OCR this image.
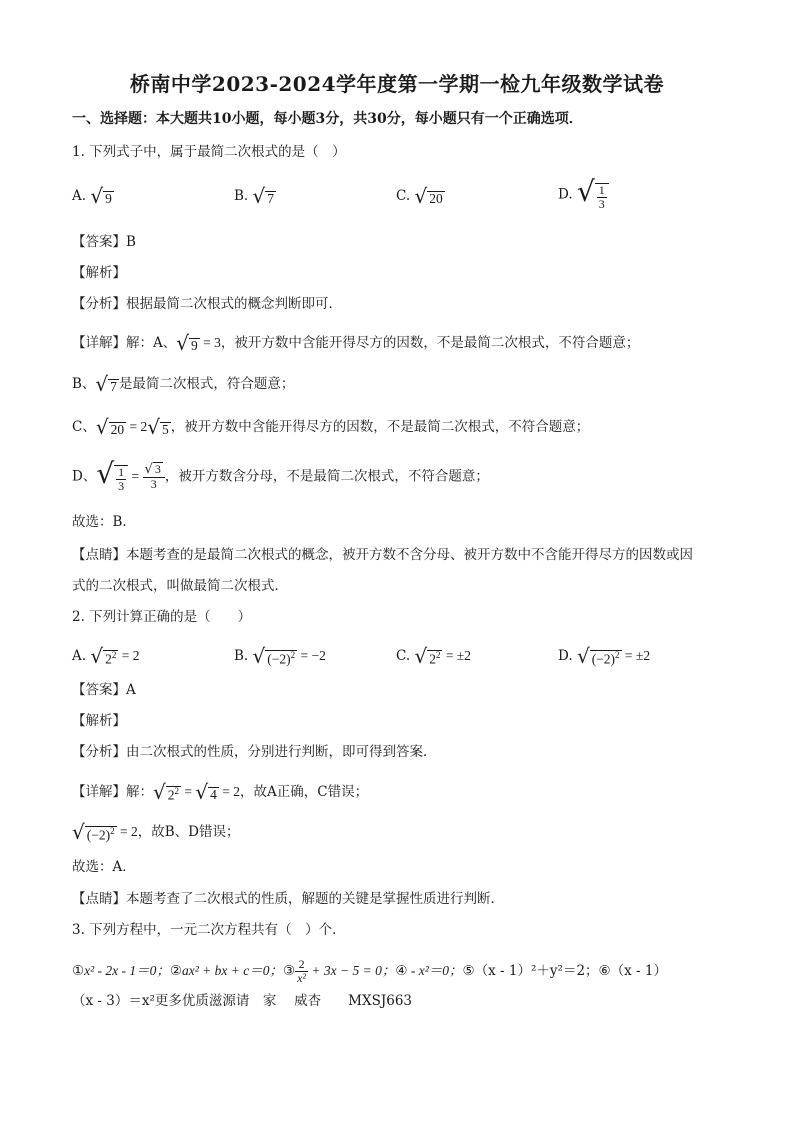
桥南中学2023-2024学年度第一学期一检九年级数学试卷
一、选择题：本大题共10小题，每小题3分，共30分，每小题只有一个正确选项．
1. 下列式子中，属于最简二次根式的是（　）
A. √ 9	B. √ 7	C. √ 20	D. √ $\frac{1}{3}$
【答案】B
【解析】
【分析】根据最简二次根式的概念判断即可．
【详解】解：A、√ 9 = 3，被开方数中含能开得尽方的因数，不是最简二次根式，不符合题意；
B、√ 7 是最简二次根式，符合题意；
C、√ 20 = 2√ 5 ，被开方数中含能开得尽方的因数，不是最简二次根式，不符合题意；
D、√ $\frac{1}{3} = \frac{√ 3}{3}$ ，被开方数含分母，不是最简二次根式，不符合题意；
故选：B．
【点睛】本题考查的是最简二次根式的概念，被开方数不含分母、被开方数中不含能开得尽方的因数或因
式的二次根式，叫做最简二次根式．
2. 下列计算正确的是（　　）
A. √ $2^2 = 2$	B. √ $(-2)^2 = -2$	C. √ $2^2 = \pm 2$	D. √ $(-2)^2 = \pm 2$
【答案】A
【解析】
【分析】由二次根式的性质，分别进行判断，即可得到答案．
【详解】解：√ $2^2$ = √ 4 = 2，故A正确，C错误；
√ $(-2)^2 = 2$，故B、D错误；
故选：A．
【点睛】本题考查了二次根式的性质，解题的关键是掌握性质进行判断．
3. 下列方程中，一元二次方程共有（　）个．
①x² - 2x - 1＝0；②ax² + bx + c＝0；③ $\frac{2}{\text{x²}} + 3x - 5 = 0$；④ - x²＝0；⑤（x - 1）²＋y²＝2；⑥（x - 1）
（x - 3）＝x²更多优质滋源请　家　 威杏　　MXSJ663
